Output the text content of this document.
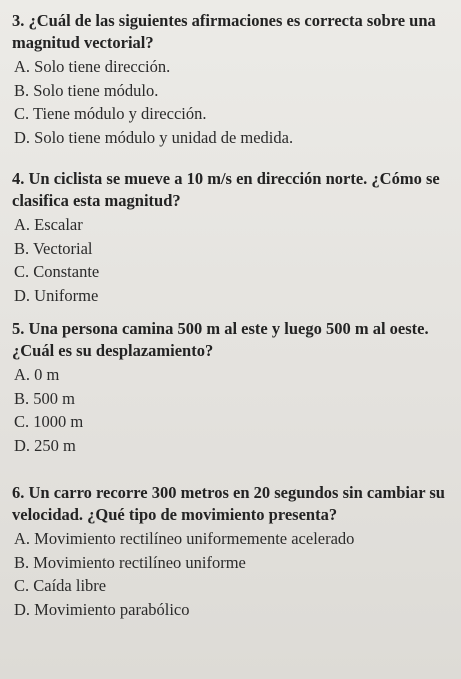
3. ¿Cuál de las siguientes afirmaciones es correcta sobre una magnitud vectorial?
A. Solo tiene dirección.
B. Solo tiene módulo.
C. Tiene módulo y dirección.
D. Solo tiene módulo y unidad de medida.
4. Un ciclista se mueve a 10 m/s en dirección norte. ¿Cómo se clasifica esta magnitud?
A. Escalar
B. Vectorial
C. Constante
D. Uniforme
5. Una persona camina 500 m al este y luego 500 m al oeste. ¿Cuál es su desplazamiento?
A. 0 m
B. 500 m
C. 1000 m
D. 250 m
6. Un carro recorre 300 metros en 20 segundos sin cambiar su velocidad. ¿Qué tipo de movimiento presenta?
A. Movimiento rectilíneo uniformemente acelerado
B. Movimiento rectilíneo uniforme
C. Caída libre
D. Movimiento parabólico
